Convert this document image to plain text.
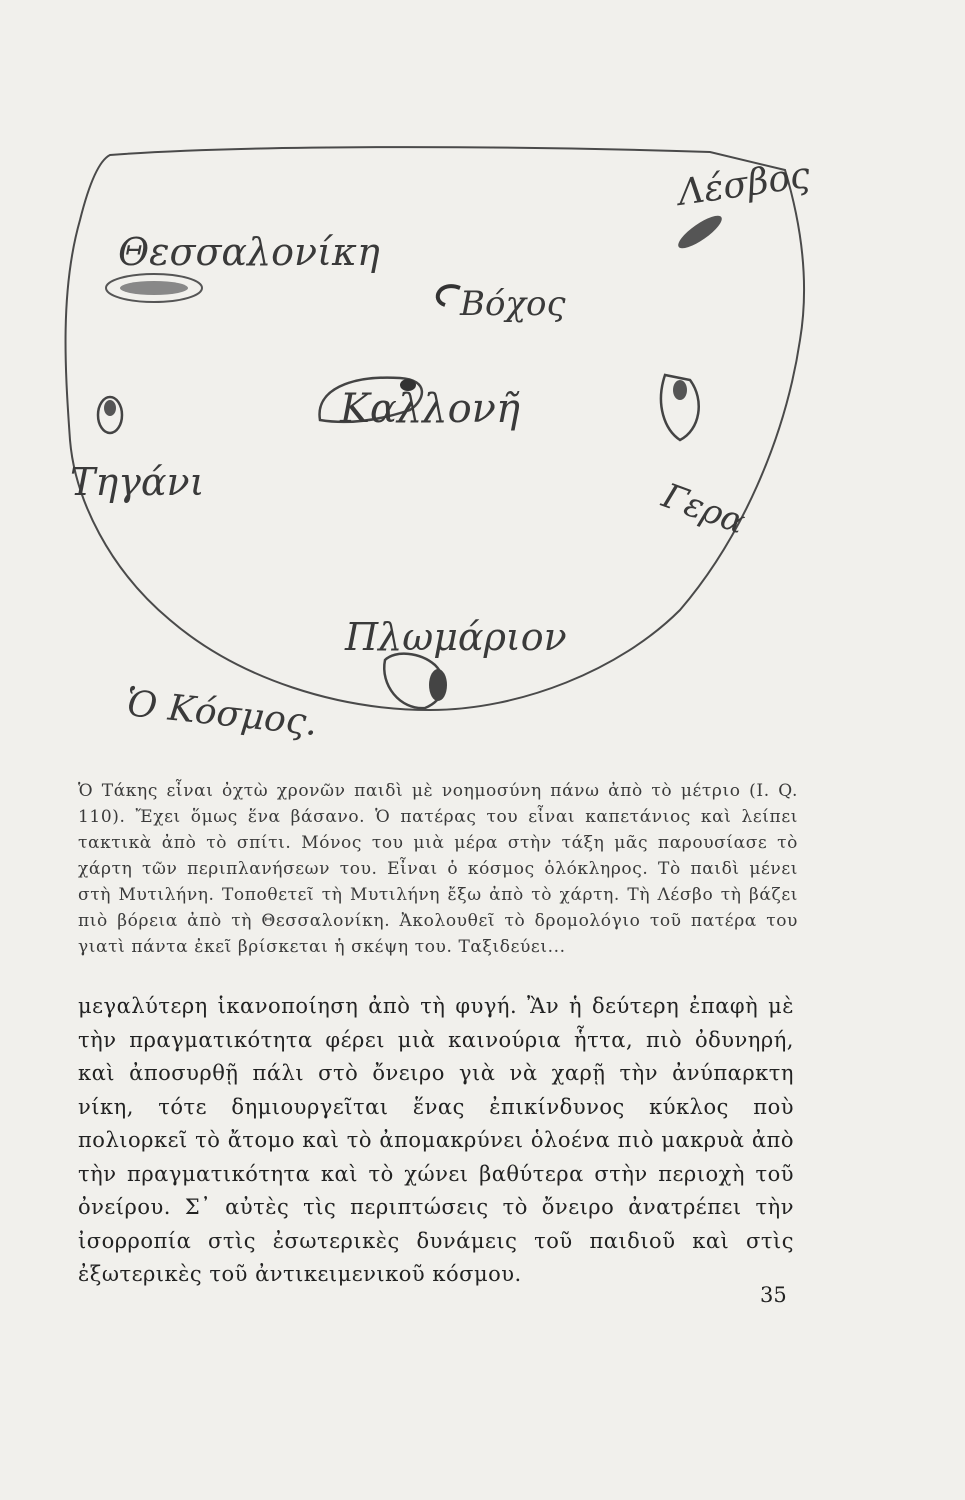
Θεσσαλονίκη
Βόχος
Λέσβος
Καλλονῆ
Τηγάνι	Γερα
Πλωμάριον
Ὁ Κόσμος.

Ὁ Τάκης εἶναι ὀχτὼ χρονῶν παιδὶ μὲ νοημοσύνη πάνω ἀπὸ τὸ μέτριο (I. Q. 110). Ἔχει ὅμως ἕνα βάσανο. Ὁ πατέρας του εἶναι καπετάνιος καὶ λείπει τακτικὰ ἀπὸ τὸ σπίτι. Μόνος του μιὰ μέρα στὴν τάξη μᾶς παρουσίασε τὸ χάρτη τῶν περιπλανήσεων του. Εἶναι ὁ κόσμος ὁλόκληρος. Τὸ παιδὶ μένει στὴ Μυτιλήνη. Τοποθετεῖ τὴ Μυτιλήνη ἔξω ἀπὸ τὸ χάρτη. Τὴ Λέσβο τὴ βάζει πιὸ βόρεια ἀπὸ τὴ Θεσσαλονίκη. Ἀκολουθεῖ τὸ δρομολόγιο τοῦ πατέρα του γιατὶ πάντα ἐκεῖ βρίσκεται ἡ σκέψη του. Ταξιδεύει...

μεγαλύτερη ἱκανοποίηση ἀπὸ τὴ φυγή. Ἂν ἡ δεύτερη ἐπαφὴ μὲ τὴν πραγματικότητα φέρει μιὰ καινούρια ἧττα, πιὸ ὀδυνηρή, καὶ ἀποσυρθῇ πάλι στὸ ὄνειρο γιὰ νὰ χαρῇ τὴν ἀνύπαρκτη νίκη, τότε δημιουργεῖται ἕνας ἐπικίνδυνος κύκλος ποὺ πολιορκεῖ τὸ ἄτομο καὶ τὸ ἀπομακρύνει ὁλοένα πιὸ μακρυὰ ἀπὸ τὴν πραγματικότητα καὶ τὸ χώνει βαθύτερα στὴν περιοχὴ τοῦ ὀνείρου. Σ᾽ αὐτὲς τὶς περιπτώσεις τὸ ὄνειρο ἀνατρέπει τὴν ἰσορροπία στὶς ἐσωτερικὲς δυνάμεις τοῦ παιδιοῦ καὶ στὶς ἐξωτερικὲς τοῦ ἀντικειμενικοῦ κόσμου.

35
